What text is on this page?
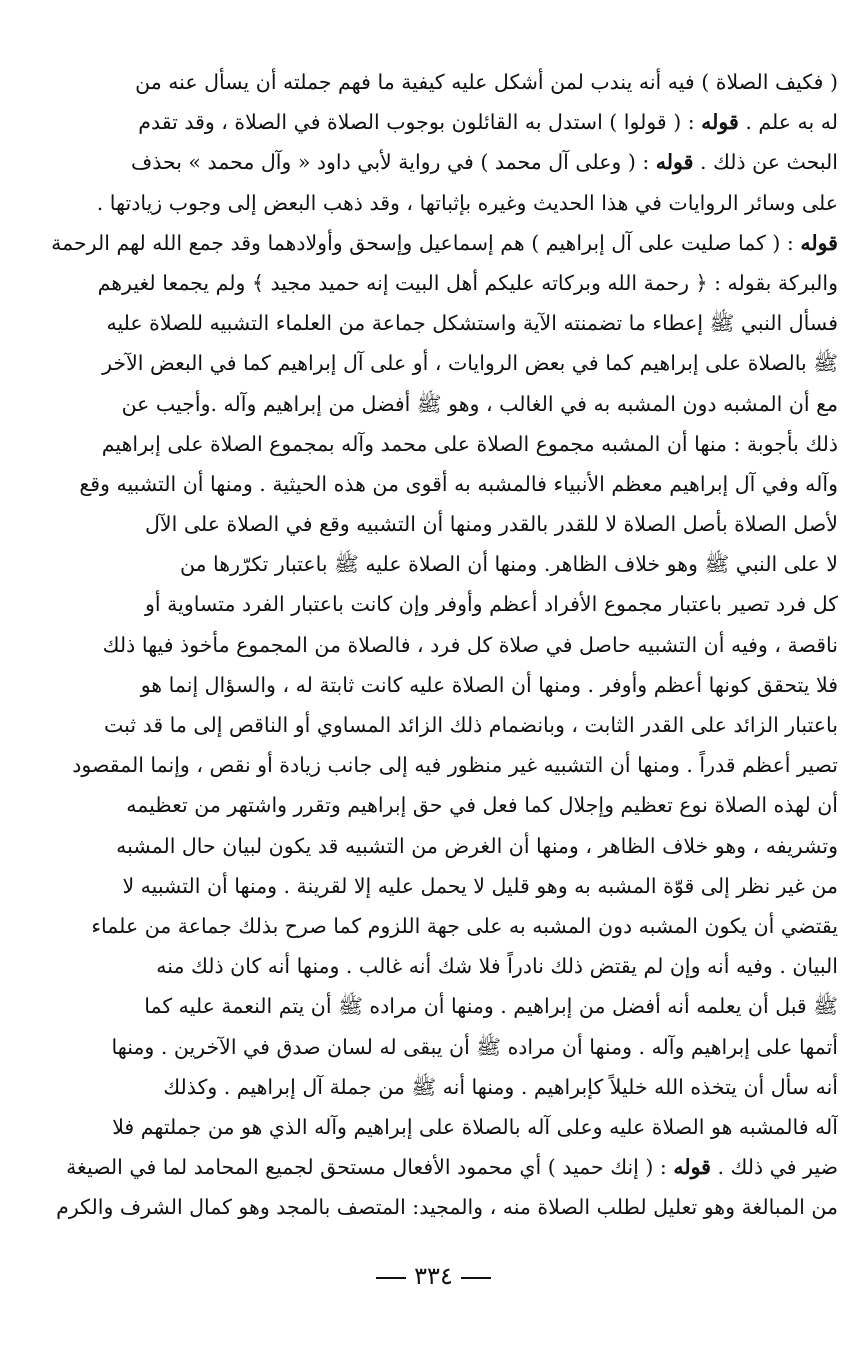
( فكيف الصلاة ) فيه أنه يندب لمن أشكل عليه كيفية ما فهم جملته أن يسأل عنه من
له به علم . قوله : ( قولوا ) استدل به القائلون بوجوب الصلاة في الصلاة ، وقد تقدم
البحث عن ذلك . قوله : ( وعلى آل محمد ) في رواية لأبي داود « وآل محمد » بحذف
على وسائر الروايات في هذا الحديث وغيره بإثباتها ، وقد ذهب البعض إلى وجوب زيادتها .
قوله : ( كما صليت على آل إبراهيم ) هم إسماعيل وإسحق وأولادهما وقد جمع الله لهم الرحمة
والبركة بقوله : ﴿ رحمة الله وبركاته عليكم أهل البيت إنه حميد مجيد ﴾ ولم يجمعا لغيرهم
فسأل النبي ﷺ إعطاء ما تضمنته الآية واستشكل جماعة من العلماء التشبيه للصلاة عليه
ﷺ بالصلاة على إبراهيم كما في بعض الروايات ، أو على آل إبراهيم كما في البعض الآخر
مع أن المشبه دون المشبه به في الغالب ، وهو ﷺ أفضل من إبراهيم وآله .وأجيب عن
ذلك بأجوبة : منها أن المشبه مجموع الصلاة على محمد وآله بمجموع الصلاة على إبراهيم
وآله وفي آل إبراهيم معظم الأنبياء فالمشبه به أقوى من هذه الحيثية . ومنها أن التشبيه وقع
لأصل الصلاة بأصل الصلاة لا للقدر بالقدر ومنها أن التشبيه وقع في الصلاة على الآل
لا على النبي ﷺ وهو خلاف الظاهر. ومنها أن الصلاة عليه ﷺ باعتبار تكرّرها من
كل فرد تصير باعتبار مجموع الأفراد أعظم وأوفر وإن كانت باعتبار الفرد متساوية أو
ناقصة ، وفيه أن التشبيه حاصل في صلاة كل فرد ، فالصلاة من المجموع مأخوذ فيها ذلك
فلا يتحقق كونها أعظم وأوفر . ومنها أن الصلاة عليه كانت ثابتة له ، والسؤال إنما هو
باعتبار الزائد على القدر الثابت ، وبانضمام ذلك الزائد المساوي أو الناقص إلى ما قد ثبت
تصير أعظم قدراً . ومنها أن التشبيه غير منظور فيه إلى جانب زيادة أو نقص ، وإنما المقصود
أن لهذه الصلاة نوع تعظيم وإجلال كما فعل في حق إبراهيم وتقرر واشتهر من تعظيمه
وتشريفه ، وهو خلاف الظاهر ، ومنها أن الغرض من التشبيه قد يكون لبيان حال المشبه
من غير نظر إلى قوّة المشبه به وهو قليل لا يحمل عليه إلا لقرينة . ومنها أن التشبيه لا
يقتضي أن يكون المشبه دون المشبه به على جهة اللزوم كما صرح بذلك جماعة من علماء
البيان . وفيه أنه وإن لم يقتض ذلك نادراً فلا شك أنه غالب . ومنها أنه كان ذلك منه
ﷺ قبل أن يعلمه أنه أفضل من إبراهيم . ومنها أن مراده ﷺ أن يتم النعمة عليه كما
أتمها على إبراهيم وآله . ومنها أن مراده ﷺ أن يبقى له لسان صدق في الآخرين . ومنها
أنه سأل أن يتخذه الله خليلاً كإبراهيم . ومنها أنه ﷺ من جملة آل إبراهيم . وكذلك
آله فالمشبه هو الصلاة عليه وعلى آله بالصلاة على إبراهيم وآله الذي هو من جملتهم فلا
ضير في ذلك . قوله : ( إنك حميد ) أي محمود الأفعال مستحق لجميع المحامد لما في الصيغة
من المبالغة وهو تعليل لطلب الصلاة منه ، والمجيد: المتصف بالمجد وهو كمال الشرف والكرم
٣٣٤
